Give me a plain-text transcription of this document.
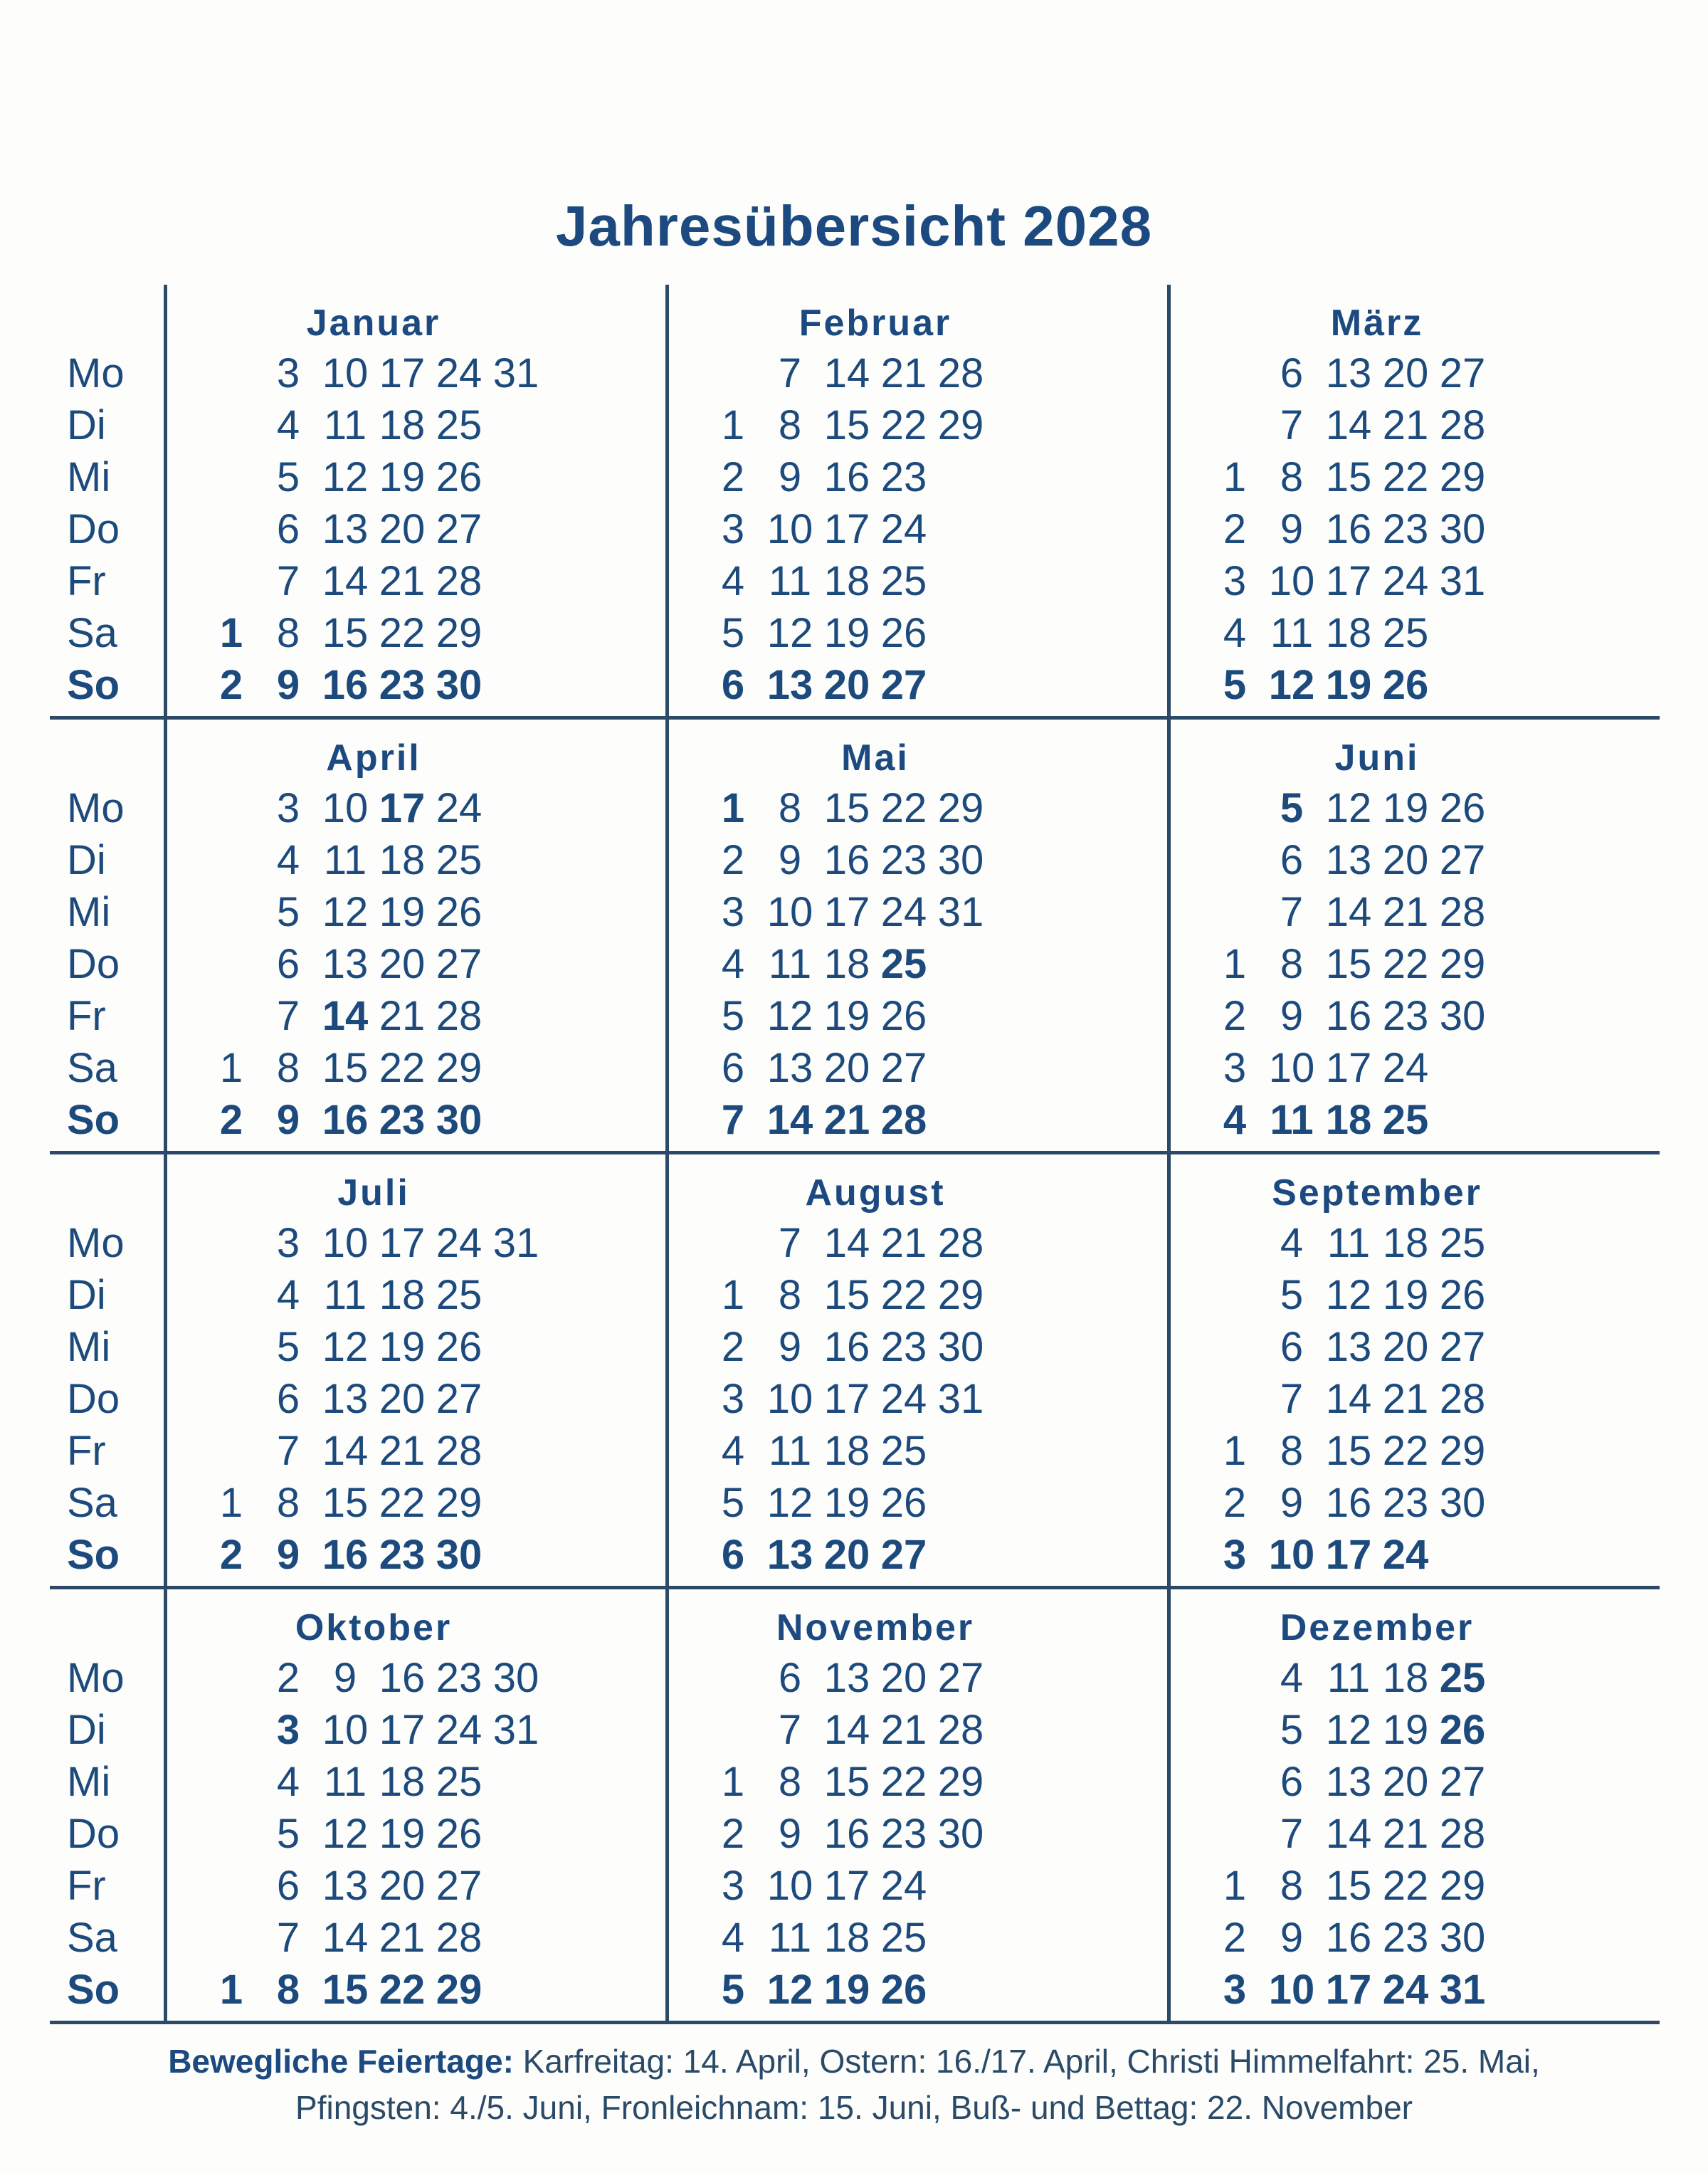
Jahresübersicht 2028
Mo
Di
Mi
Do
Fr
Sa
So
Januar
3 10 17 24 31
4 11 18 25
5 12 19 26
6 13 20 27
7 14 21 28
1 8 15 22 29
2 9 16 23 30
Februar
7 14 21 28
1 8 15 22 29
2 9 16 23
3 10 17 24
4 11 18 25
5 12 19 26
6 13 20 27
März
6 13 20 27
7 14 21 28
1 8 15 22 29
2 9 16 23 30
3 10 17 24 31
4 11 18 25
5 12 19 26
Mo
Di
Mi
Do
Fr
Sa
So
April
3 10 17 24
4 11 18 25
5 12 19 26
6 13 20 27
7 14 21 28
1 8 15 22 29
2 9 16 23 30
Mai
1 8 15 22 29
2 9 16 23 30
3 10 17 24 31
4 11 18 25
5 12 19 26
6 13 20 27
7 14 21 28
Juni
5 12 19 26
6 13 20 27
7 14 21 28
1 8 15 22 29
2 9 16 23 30
3 10 17 24
4 11 18 25
Mo
Di
Mi
Do
Fr
Sa
So
Juli
3 10 17 24 31
4 11 18 25
5 12 19 26
6 13 20 27
7 14 21 28
1 8 15 22 29
2 9 16 23 30
August
7 14 21 28
1 8 15 22 29
2 9 16 23 30
3 10 17 24 31
4 11 18 25
5 12 19 26
6 13 20 27
September
4 11 18 25
5 12 19 26
6 13 20 27
7 14 21 28
1 8 15 22 29
2 9 16 23 30
3 10 17 24
Mo
Di
Mi
Do
Fr
Sa
So
Oktober
2 9 16 23 30
3 10 17 24 31
4 11 18 25
5 12 19 26
6 13 20 27
7 14 21 28
1 8 15 22 29
November
6 13 20 27
7 14 21 28
1 8 15 22 29
2 9 16 23 30
3 10 17 24
4 11 18 25
5 12 19 26
Dezember
4 11 18 25
5 12 19 26
6 13 20 27
7 14 21 28
1 8 15 22 29
2 9 16 23 30
3 10 17 24 31
Bewegliche Feiertage: Karfreitag: 14. April, Ostern: 16./17. April, Christi Himmelfahrt: 25. Mai,
Pfingsten: 4./5. Juni, Fronleichnam: 15. Juni, Buß- und Bettag: 22. November
